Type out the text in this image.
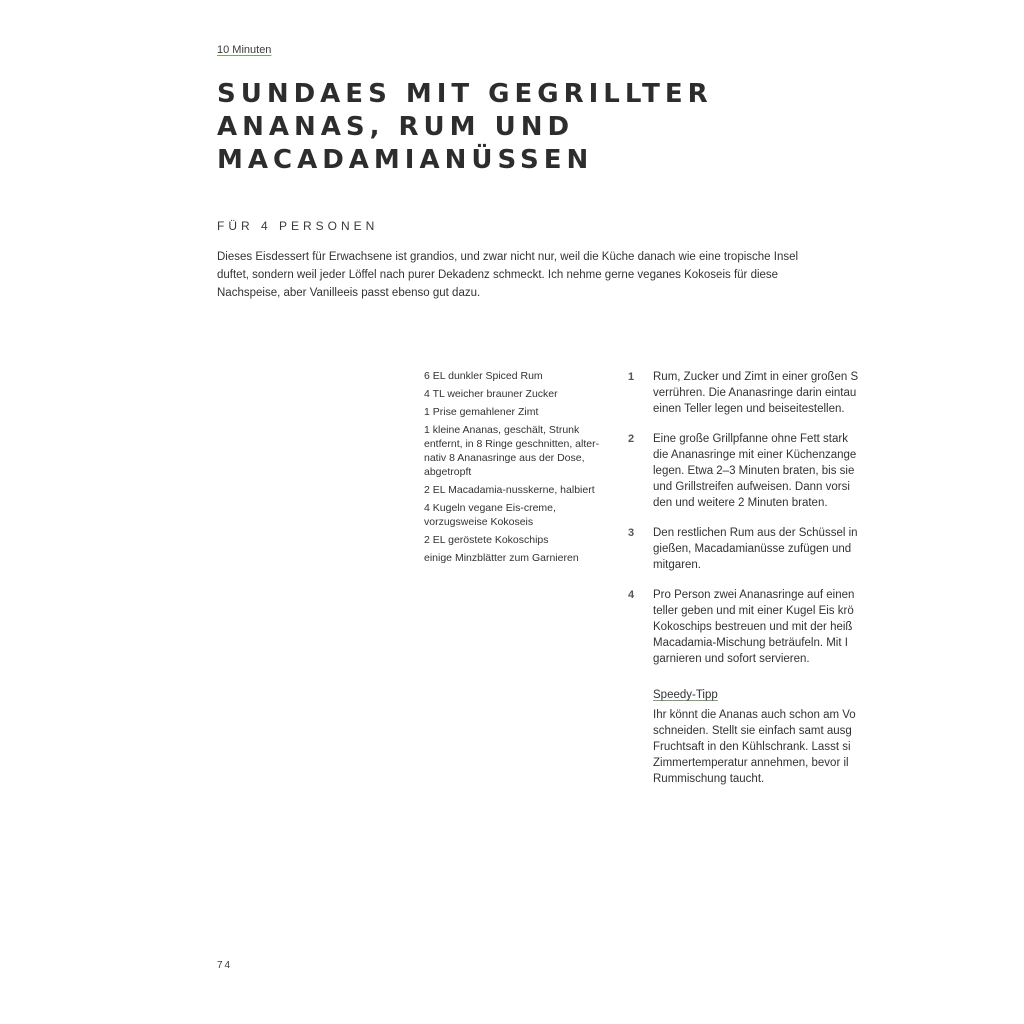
10 Minuten
SUNDAES MIT GEGRILLTER
ANANAS, RUM UND
MACADAMIANÜSSEN
FÜR 4 PERSONEN

Dieses Eisdessert für Erwachsene ist grandios, und zwar nicht nur, weil die Küche danach wie eine tropische Insel duftet, sondern weil jeder Löffel nach purer Dekadenz schmeckt. Ich nehme gerne veganes Kokoseis für diese Nachspeise, aber Vanilleeis passt ebenso gut dazu.

6 EL dunkler Spiced Rum
4 TL weicher brauner Zucker
1 Prise gemahlener Zimt
1 kleine Ananas, geschält, Strunk entfernt, in 8 Ringe geschnitten, alter-nativ 8 Ananasringe aus der Dose, abgetropft
2 EL Macadamia-nusskerne, halbiert
4 Kugeln vegane Eis-creme, vorzugsweise Kokoseis
2 EL geröstete Kokoschips
einige Minzblätter zum Garnieren
1	Rum, Zucker und Zimt in einer großen S
verrühren. Die Ananasringe darin eintau
einen Teller legen und beiseitestellen.
2	Eine große Grillpfanne ohne Fett stark
die Ananasringe mit einer Küchenzange
legen. Etwa 2–3 Minuten braten, bis sie
und Grillstreifen aufweisen. Dann vorsi
den und weitere 2 Minuten braten.
3	Den restlichen Rum aus der Schüssel in
gießen, Macadamianüsse zufügen und
mitgaren.
4	Pro Person zwei Ananasringe auf einen
teller geben und mit einer Kugel Eis krö
Kokoschips bestreuen und mit der heiß
Macadamia-Mischung beträufeln. Mit I
garnieren und sofort servieren.
Speedy-Tipp
Ihr könnt die Ananas auch schon am Vo
schneiden. Stellt sie einfach samt ausg
Fruchtsaft in den Kühlschrank. Lasst si
Zimmertemperatur annehmen, bevor il
Rummischung taucht.
74
